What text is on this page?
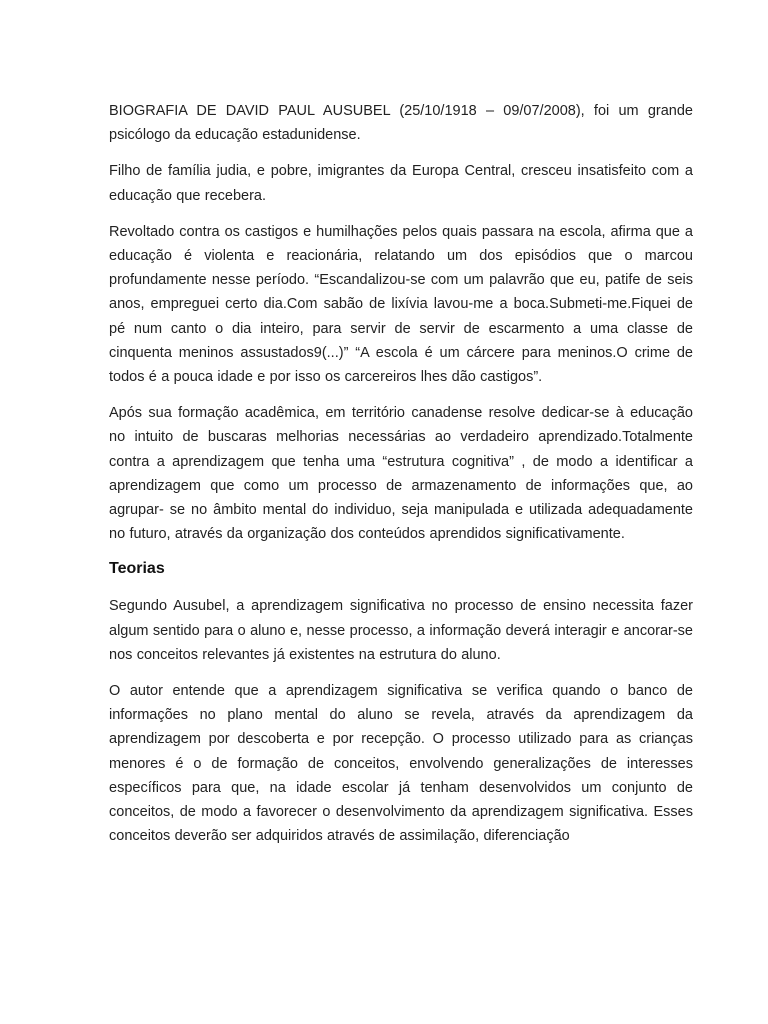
BIOGRAFIA DE DAVID PAUL AUSUBEL (25/10/1918 – 09/07/2008), foi um grande psicólogo da educação estadunidense.

Filho de família judia, e pobre, imigrantes da Europa Central, cresceu insatisfeito com a educação que recebera.

Revoltado contra os castigos e humilhações pelos quais passara na escola, afirma que a educação é violenta e reacionária, relatando um dos episódios que o marcou profundamente nesse período. “Escandalizou-se com um palavrão que eu, patife de seis anos, empreguei certo dia.Com sabão de lixívia lavou-me a boca.Submeti-me.Fiquei de pé num canto o dia inteiro, para servir de servir de escarmento a uma classe de cinquenta meninos assustados9(...)” “A escola é um cárcere para meninos.O crime de todos é a pouca idade e por isso os carcereiros lhes dão castigos”.

Após sua formação acadêmica, em território canadense resolve dedicar-se à educação no intuito de buscaras melhorias necessárias ao verdadeiro aprendizado.Totalmente contra a aprendizagem que tenha uma “estrutura cognitiva” , de modo a identificar a aprendizagem que como um processo de armazenamento de informações que, ao agrupar- se no âmbito mental do individuo, seja manipulada e utilizada adequadamente no futuro, através da organização dos conteúdos aprendidos significativamente.

Teorias

Segundo Ausubel, a aprendizagem significativa no processo de ensino necessita fazer algum sentido para o aluno e, nesse processo, a informação deverá interagir e ancorar-se nos conceitos relevantes já existentes na estrutura do aluno.

O autor entende que a aprendizagem significativa se verifica quando o banco de informações no plano mental do aluno se revela, através da aprendizagem da aprendizagem por descoberta e por recepção. O processo utilizado para as crianças menores é o de formação de conceitos, envolvendo generalizações de interesses específicos para que, na idade escolar já tenham desenvolvidos um conjunto de conceitos, de modo a favorecer o desenvolvimento da aprendizagem significativa. Esses conceitos deverão ser adquiridos através de assimilação, diferenciação
